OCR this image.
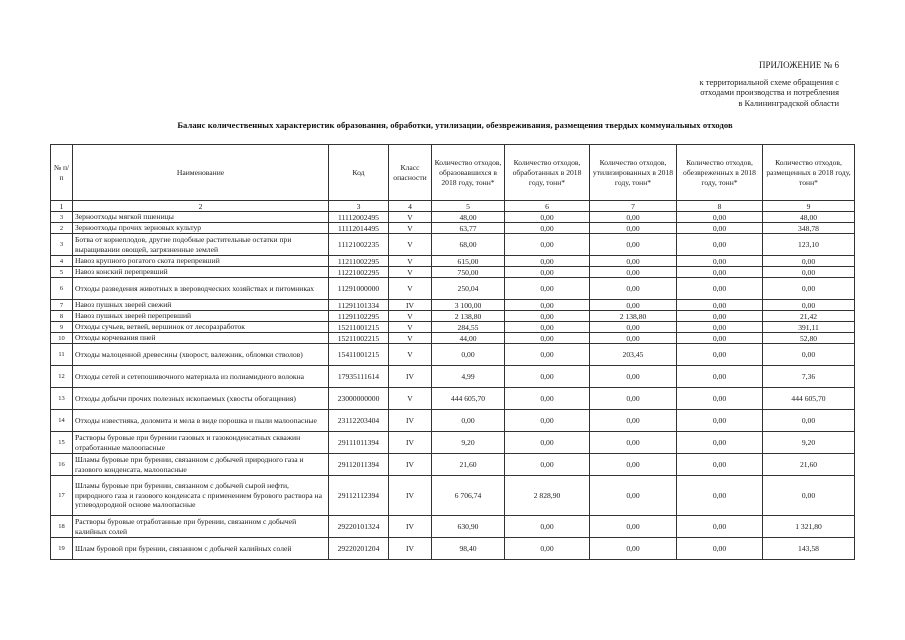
ПРИЛОЖЕНИЕ № 6
к территориальной схеме обращения с
отходами производства и потребления
в Калининградской области
Баланс количественных характеристик образования, обработки, утилизации, обезвреживания, размещения твердых коммунальных отходов
№ п/п	Наименование	Код	Класс опасности	Количество отходов, образовавшихся в 2018 году, тонн*	Количество отходов, обработанных в 2018 году, тонн*	Количество отходов, утилизированных в 2018 году, тонн*	Количество отходов, обезвреженных в 2018 году, тонн*	Количество отходов, размещенных в 2018 году, тонн*
1	2	3	4	5	6	7	8	9
3	Зерноотходы мягкой пшеницы	11112002495	V	48,00	0,00	0,00	0,00	48,00
2	Зерноотходы прочих зерновых культур	11112014495	V	63,77	0,00	0,00	0,00	348,78
3	Ботва от корнеплодов, другие подобные растительные остатки при выращивании овощей, загрязненные землей	11121002235	V	68,00	0,00	0,00	0,00	123,10
4	Навоз крупного рогатого скота перепревший	11211002295	V	615,00	0,00	0,00	0,00	0,00
5	Навоз конский перепревший	11221002295	V	750,00	0,00	0,00	0,00	0,00
6	Отходы разведения животных в звероводческих хозяйствах и питомниках	11291000000	V	250,04	0,00	0,00	0,00	0,00
7	Навоз пушных зверей свежий	11291101334	IV	3 100,00	0,00	0,00	0,00	0,00
8	Навоз пушных зверей перепревший	11291102295	V	2 138,80	0,00	2 138,80	0,00	21,42
9	Отходы сучьев, ветвей, вершинок от лесоразработок	15211001215	V	284,55	0,00	0,00	0,00	391,11
10	Отходы корчевания пней	15211002215	V	44,00	0,00	0,00	0,00	52,80
11	Отходы малоценной древесины (хворост, валежник, обломки стволов)	15411001215	V	0,00	0,00	203,45	0,00	0,00
12	Отходы сетей и сетепошивочного материала из полиамидного волокна	17935111614	IV	4,99	0,00	0,00	0,00	7,36
13	Отходы добычи прочих полезных ископаемых (хвосты обогащения)	23000000000	V	444 605,70	0,00	0,00	0,00	444 605,70
14	Отходы известняка, доломита и мела в виде порошка и пыли малоопасные	23112203404	IV	0,00	0,00	0,00	0,00	0,00
15	Растворы буровые при бурении газовых и газоконденсатных скважин отработанные малоопасные	29111011394	IV	9,20	0,00	0,00	0,00	9,20
16	Шламы буровые при бурении, связанном с добычей природного газа и газового конденсата, малоопасные	29112011394	IV	21,60	0,00	0,00	0,00	21,60
17	Шламы буровые при бурении, связанном с добычей сырой нефти, природного газа и газового конденсата с применением бурового раствора на углеводородной основе малоопасные	29112112394	IV	6 706,74	2 828,90	0,00	0,00	0,00
18	Растворы буровые отработанные при бурении, связанном с добычей калийных солей	29220101324	IV	630,90	0,00	0,00	0,00	1 321,80
19	Шлам буровой при бурении, связанном с добычей калийных солей	29220201204	IV	98,40	0,00	0,00	0,00	143,58
